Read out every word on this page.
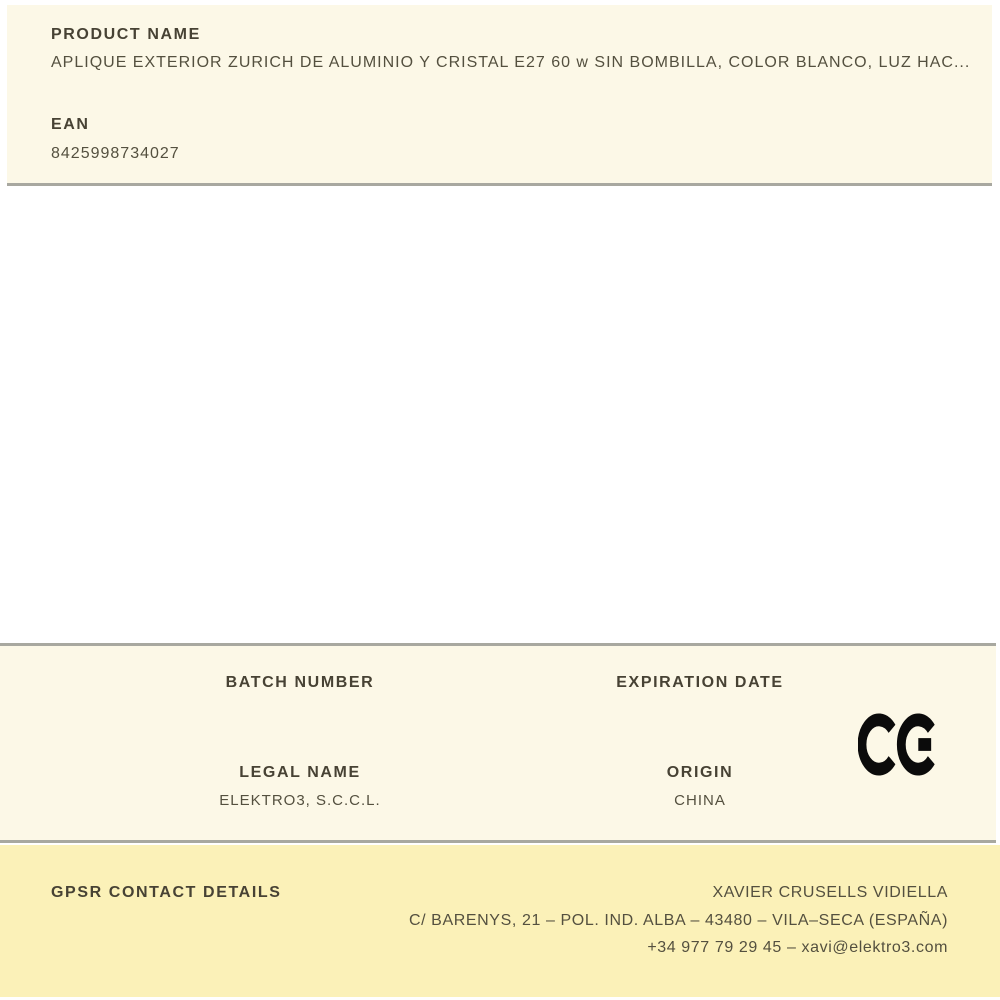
PRODUCT NAME
APLIQUE EXTERIOR ZURICH DE ALUMINIO Y CRISTAL E27 60 w SIN BOMBILLA, COLOR BLANCO, LUZ HAC...
EAN
8425998734027
BATCH NUMBER	EXPIRATION DATE
LEGAL NAME
ELEKTRO3, S.C.C.L.
ORIGIN
CHINA
GPSR CONTACT DETAILS	XAVIER CRUSELLS VIDIELLA
C/ BARENYS, 21 – POL. IND. ALBA – 43480 – VILA–SECA (ESPAÑA)
+34 977 79 29 45 – xavi@elektro3.com
